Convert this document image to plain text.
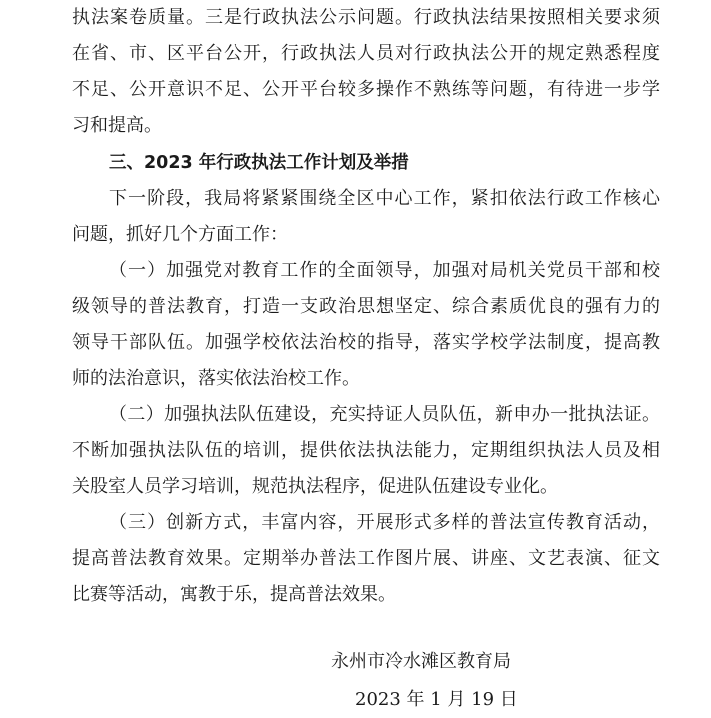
执法案卷质量。三是行政执法公示问题。行政执法结果按照相关要求须
在省、市、区平台公开，行政执法人员对行政执法公开的规定熟悉程度
不足、公开意识不足、公开平台较多操作不熟练等问题，有待进一步学
习和提高。
三、2023 年行政执法工作计划及举措
下一阶段，我局将紧紧围绕全区中心工作，紧扣依法行政工作核心
问题，抓好几个方面工作：
（一）加强党对教育工作的全面领导，加强对局机关党员干部和校
级领导的普法教育，打造一支政治思想坚定、综合素质优良的强有力的
领导干部队伍。加强学校依法治校的指导，落实学校学法制度，提高教
师的法治意识，落实依法治校工作。
（二）加强执法队伍建设，充实持证人员队伍，新申办一批执法证。
不断加强执法队伍的培训，提供依法执法能力，定期组织执法人员及相
关股室人员学习培训，规范执法程序，促进队伍建设专业化。
（三）创新方式，丰富内容，开展形式多样的普法宣传教育活动，
提高普法教育效果。定期举办普法工作图片展、讲座、文艺表演、征文
比赛等活动，寓教于乐，提高普法效果。
永州市冷水滩区教育局
2023 年 1 月 19 日
